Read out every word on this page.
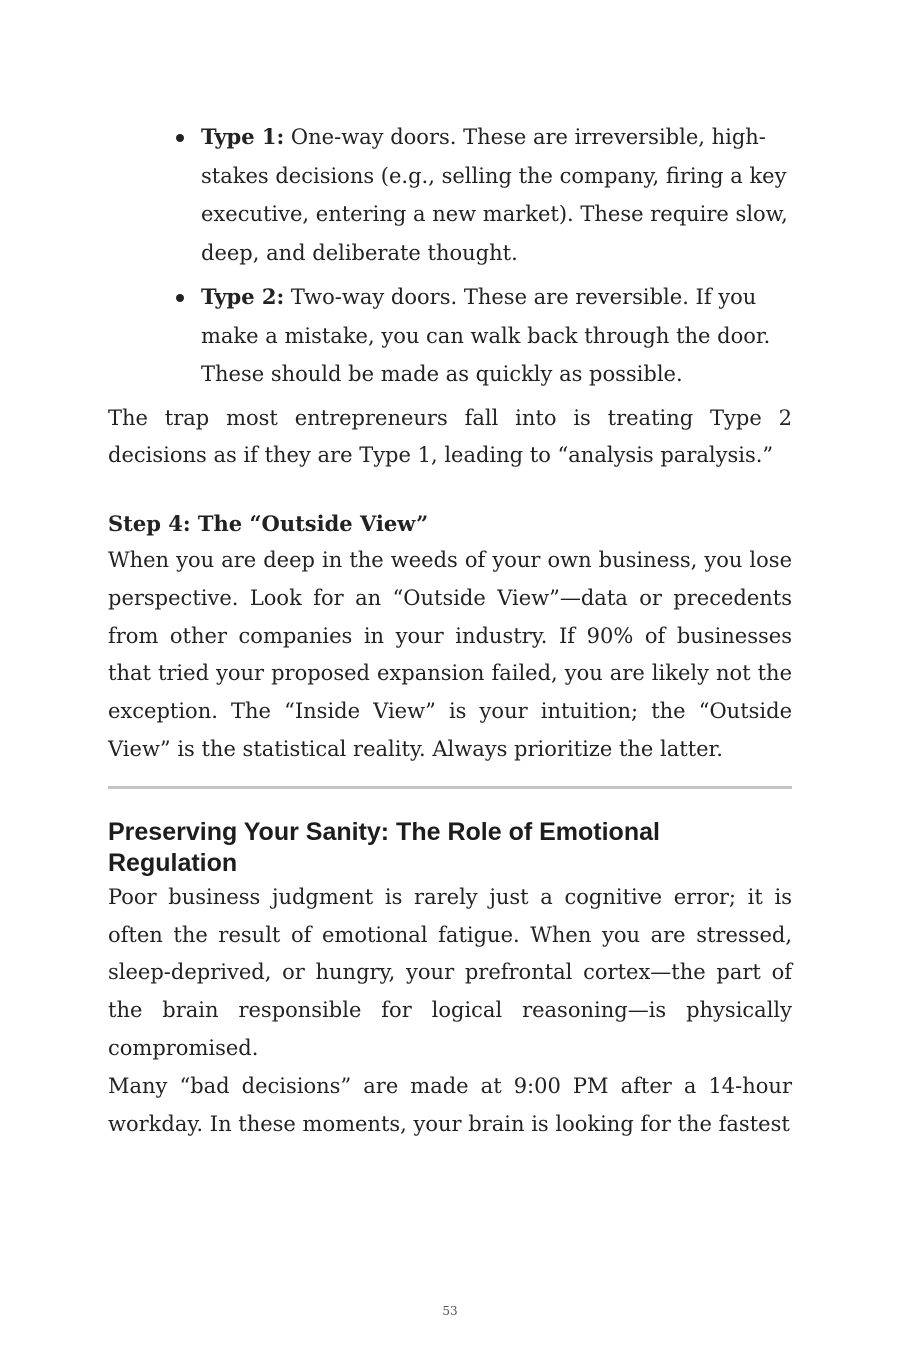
Type 1: One-way doors. These are irreversible, high-stakes decisions (e.g., selling the company, firing a key executive, entering a new market). These require slow, deep, and deliberate thought.
Type 2: Two-way doors. These are reversible. If you make a mistake, you can walk back through the door. These should be made as quickly as possible.

The trap most entrepreneurs fall into is treating Type 2 decisions as if they are Type 1, leading to “analysis paralysis.”

Step 4: The “Outside View”

When you are deep in the weeds of your own business, you lose perspective. Look for an “Outside View”—data or precedents from other companies in your industry. If 90% of businesses that tried your proposed expansion failed, you are likely not the exception. The “Inside View” is your intuition; the “Outside View” is the statistical reality. Always prioritize the latter.

Preserving Your Sanity: The Role of Emotional Regulation

Poor business judgment is rarely just a cognitive error; it is often the result of emotional fatigue. When you are stressed, sleep-deprived, or hungry, your prefrontal cortex—the part of the brain responsible for logical reasoning—is physically compromised.

Many “bad decisions” are made at 9:00 PM after a 14-hour workday. In these moments, your brain is looking for the fastest

53
